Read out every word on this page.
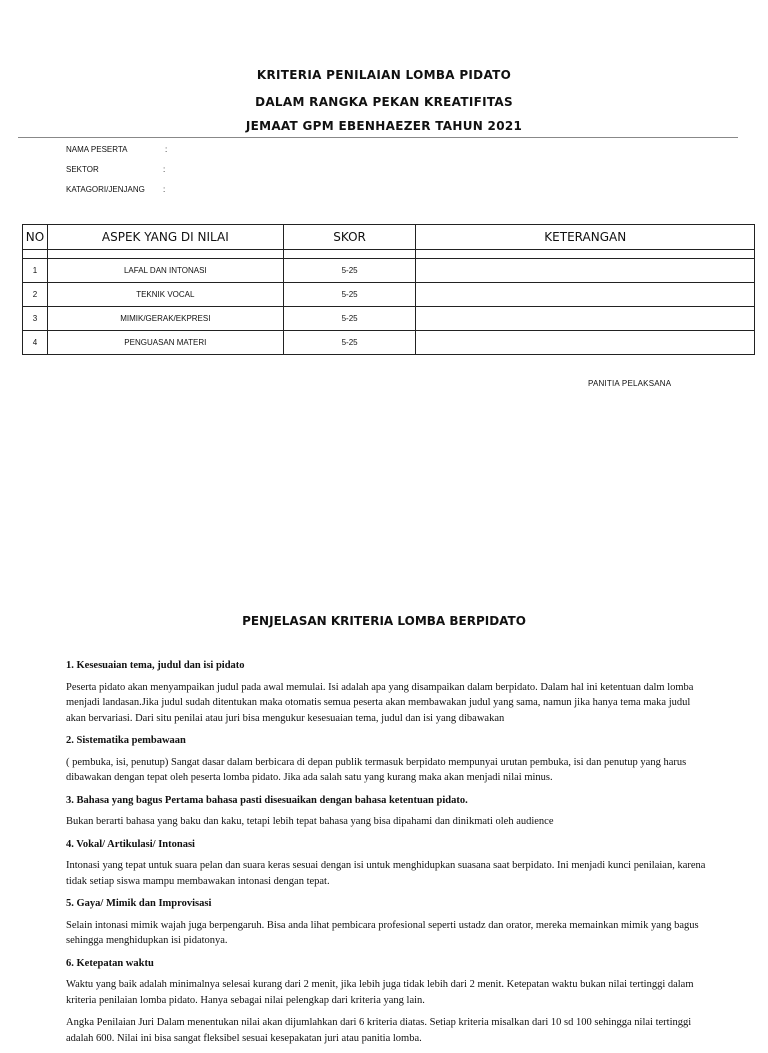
KRITERIA PENILAIAN LOMBA PIDATO
DALAM RANGKA PEKAN KREATIFITAS
JEMAAT GPM EBENHAEZER TAHUN 2021
NAMA PESERTA	:
SEKTOR	:
KATAGORI/JENJANG :
NO	ASPEK YANG DI NILAI	SKOR	KETERANGAN

1	LAFAL DAN INTONASI	5-25	
2	TEKNIK VOCAL	5-25	
3	MIMIK/GERAK/EKPRESI	5-25	
4	PENGUASAN MATERI	5-25	
PANITIA PELAKSANA
PENJELASAN KRITERIA LOMBA BERPIDATO
1. Kesesuaian tema, judul dan isi pidato
Peserta pidato akan menyampaikan judul pada awal memulai. Isi adalah apa yang disampaikan dalam berpidato. Dalam hal ini ketentuan dalm lomba menjadi landasan.Jika judul sudah ditentukan maka otomatis semua peserta akan membawakan judul yang sama, namun jika hanya tema maka judul akan bervariasi. Dari situ penilai atau juri bisa mengukur kesesuaian tema, judul dan isi yang dibawakan
2. Sistematika pembawaan
( pembuka, isi, penutup) Sangat dasar dalam berbicara di depan publik termasuk berpidato mempunyai urutan pembuka, isi dan penutup yang harus dibawakan dengan tepat oleh peserta lomba pidato. Jika ada salah satu yang kurang maka akan menjadi nilai minus.
3. Bahasa yang bagus Pertama bahasa pasti disesuaikan dengan bahasa ketentuan pidato.
Bukan berarti bahasa yang baku dan kaku, tetapi lebih tepat bahasa yang bisa dipahami dan dinikmati oleh audience
4. Vokal/ Artikulasi/ Intonasi
Intonasi yang tepat untuk suara pelan dan suara keras sesuai dengan isi untuk menghidupkan suasana saat berpidato. Ini menjadi kunci penilaian, karena tidak setiap siswa mampu membawakan intonasi dengan tepat.
5. Gaya/ Mimik dan Improvisasi
Selain intonasi mimik wajah juga berpengaruh. Bisa anda lihat pembicara profesional seperti ustadz dan orator, mereka memainkan mimik yang bagus sehingga menghidupkan isi pidatonya.
6. Ketepatan waktu
Waktu yang baik adalah minimalnya selesai kurang dari 2 menit, jika lebih juga tidak lebih dari 2 menit. Ketepatan waktu bukan nilai tertinggi dalam kriteria penilaian lomba pidato. Hanya sebagai nilai pelengkap dari kriteria yang lain.
Angka Penilaian Juri Dalam menentukan nilai akan dijumlahkan dari 6 kriteria diatas. Setiap kriteria misalkan dari 10 sd 100 sehingga nilai tertinggi adalah 600. Nilai ini bisa sangat fleksibel sesuai kesepakatan juri atau panitia lomba.
